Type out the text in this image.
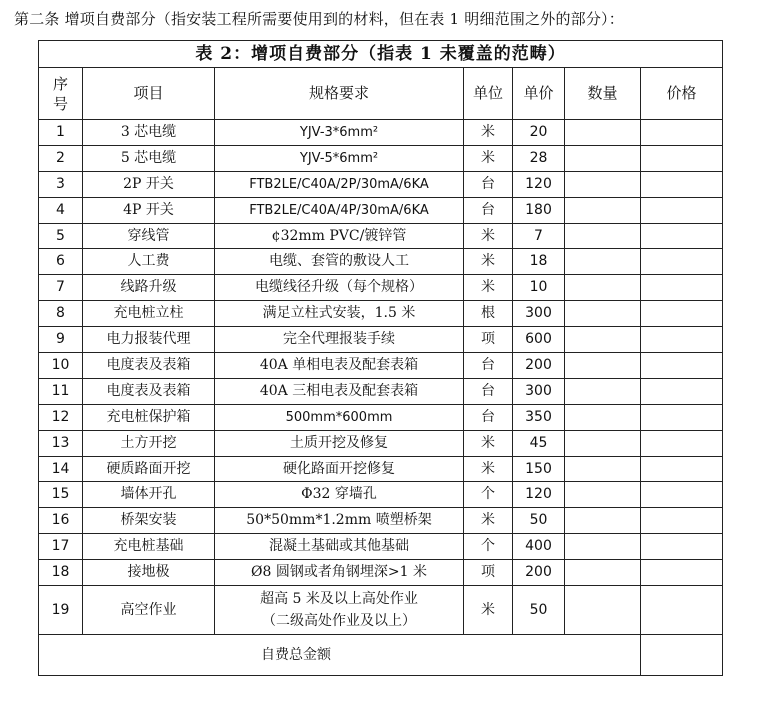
第二条 增项自费部分（指安装工程所需要使用到的材料，但在表 1 明细范围之外的部分）：
表 2：增项自费部分（指表 1 未覆盖的范畴）						
序
号	项目	规格要求	单位	单价	数量	价格
1	3 芯电缆	YJV-3*6mm²	米	20		
2	5 芯电缆	YJV-5*6mm²	米	28		
3	2P 开关	FTB2LE/C40A/2P/30mA/6KA	台	120		
4	4P 开关	FTB2LE/C40A/4P/30mA/6KA	台	180		
5	穿线管	¢32mm PVC/镀锌管	米	7		
6	人工费	电缆、套管的敷设人工	米	18		
7	线路升级	电缆线径升级（每个规格）	米	10		
8	充电桩立柱	满足立柱式安装，1.5 米	根	300		
9	电力报装代理	完全代理报装手续	项	600		
10	电度表及表箱	40A 单相电表及配套表箱	台	200		
11	电度表及表箱	40A 三相电表及配套表箱	台	300		
12	充电桩保护箱	500mm*600mm	台	350		
13	土方开挖	土质开挖及修复	米	45		
14	硬质路面开挖	硬化路面开挖修复	米	150		
15	墙体开孔	Φ32 穿墙孔	个	120		
16	桥架安装	50*50mm*1.2mm 喷塑桥架	米	50		
17	充电桩基础	混凝土基础或其他基础	个	400		
18	接地极	Ø8 圆钢或者角钢埋深>1 米	项	200		
19	高空作业	超高 5 米及以上高处作业
（二级高处作业及以上）	米	50		
自费总金额						
